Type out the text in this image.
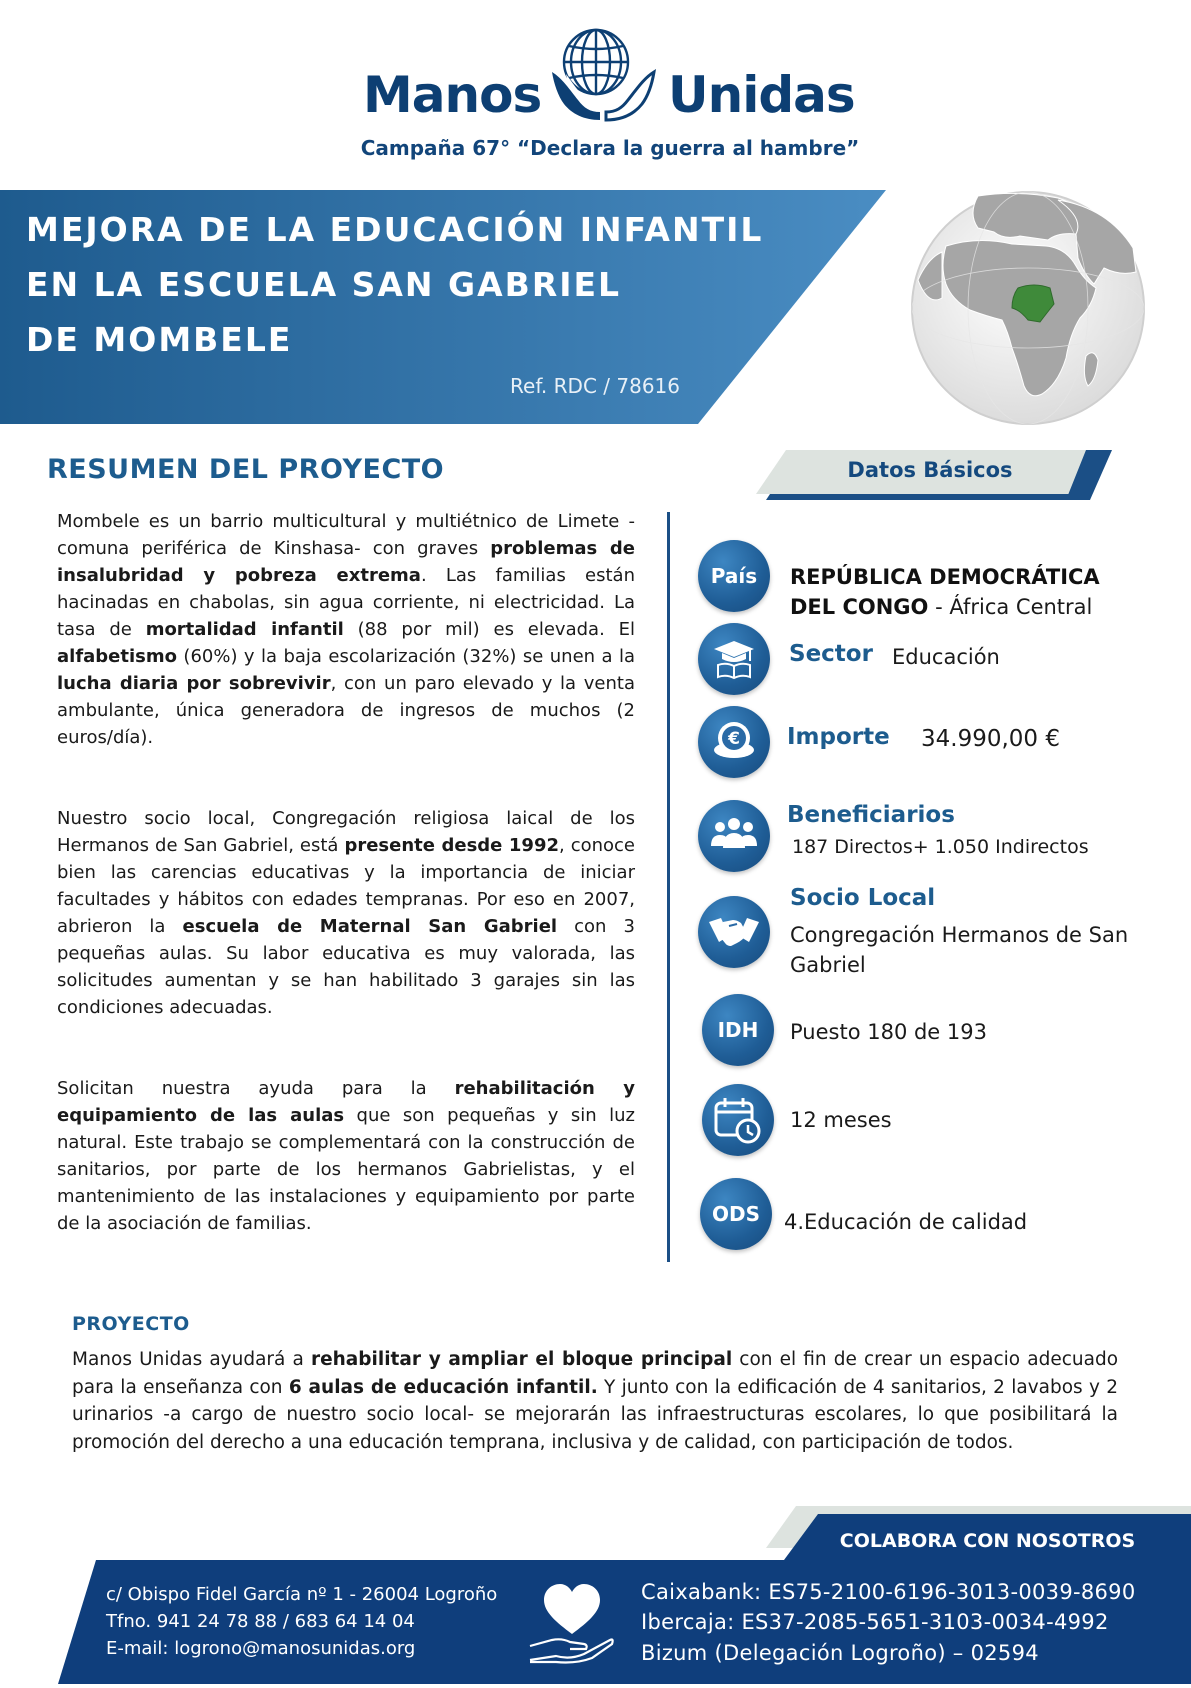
Manos	Unidas
Campaña 67° “Declara la guerra al hambre”
MEJORA DE LA EDUCACIÓN INFANTIL
EN LA ESCUELA SAN GABRIEL
DE MOMBELE
Ref. RDC / 78616
RESUMEN DEL PROYECTO
Mombele es un barrio multicultural y multiétnico de Limete -comuna periférica de Kinshasa- con graves problemas de insalubridad y pobreza extrema. Las familias están hacinadas en chabolas, sin agua corriente, ni electricidad. La tasa de mortalidad infantil (88 por mil) es elevada. El alfabetismo (60%) y la baja escolarización (32%) se unen a la lucha diaria por sobrevivir, con un paro elevado y la venta ambulante, única generadora de ingresos de muchos (2 euros/día).
Nuestro socio local, Congregación religiosa laical de los Hermanos de San Gabriel, está presente desde 1992, conoce bien las carencias educativas y la importancia de iniciar facultades y hábitos con edades tempranas. Por eso en 2007, abrieron la escuela de Maternal San Gabriel con 3 pequeñas aulas. Su labor educativa es muy valorada, las solicitudes aumentan y se han habilitado 3 garajes sin las condiciones adecuadas.
Solicitan nuestra ayuda para la rehabilitación y equipamiento de las aulas que son pequeñas y sin luz natural. Este trabajo se complementará con la construcción de sanitarios, por parte de los hermanos Gabrielistas, y el mantenimiento de las instalaciones y equipamiento por parte de la asociación de familias.
Datos Básicos
País REPÚBLICA DEMOCRÁTICA DEL CONGO - África Central
Sector Educación
€ Importe 34.990,00 €
Beneficiarios
187 Directos+ 1.050 Indirectos
Socio Local
Congregación Hermanos de San Gabriel
IDH Puesto 180 de 193
12 meses
ODS 4.Educación de calidad
PROYECTO
Manos Unidas ayudará a rehabilitar y ampliar el bloque principal con el fin de crear un espacio adecuado para la enseñanza con 6 aulas de educación infantil. Y junto con la edificación de 4 sanitarios, 2 lavabos y 2 urinarios -a cargo de nuestro socio local- se mejorarán las infraestructuras escolares, lo que posibilitará la promoción del derecho a una educación temprana, inclusiva y de calidad, con participación de todos.
COLABORA CON NOSOTROS
c/ Obispo Fidel García nº 1 - 26004 Logroño
Tfno. 941 24 78 88 / 683 64 14 04
E-mail: logrono@manosunidas.org
Caixabank: ES75-2100-6196-3013-0039-8690
Ibercaja: ES37-2085-5651-3103-0034-4992
Bizum (Delegación Logroño) – 02594
